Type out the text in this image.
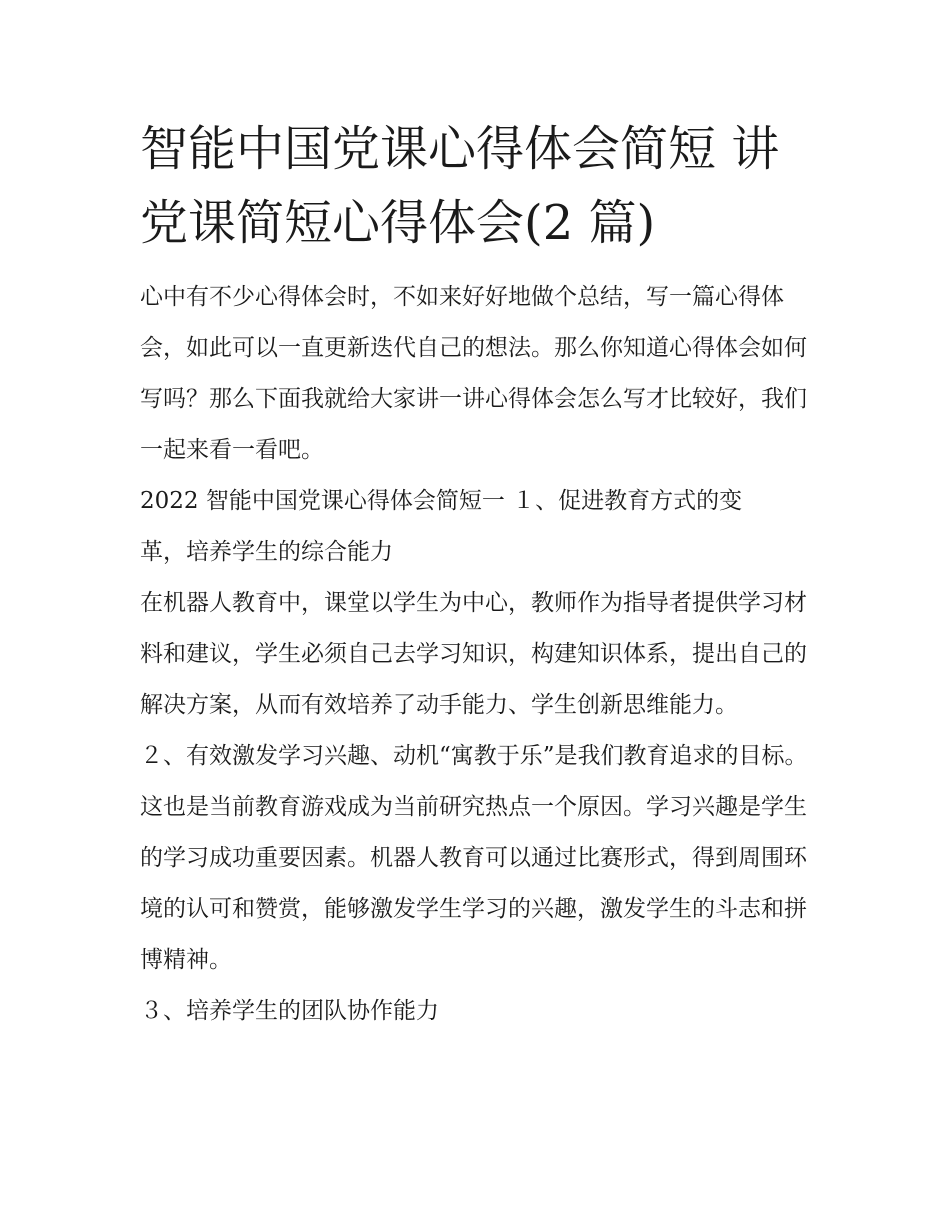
智能中国党课心得体会简短 讲党课简短心得体会(2 篇)

心中有不少心得体会时，不如来好好地做个总结，写一篇心得体会，如此可以一直更新迭代自己的想法。那么你知道心得体会如何写吗？那么下面我就给大家讲一讲心得体会怎么写才比较好，我们一起来看一看吧。

2022 智能中国党课心得体会简短一 １、促进教育方式的变革，培养学生的综合能力

在机器人教育中，课堂以学生为中心，教师作为指导者提供学习材料和建议，学生必须自己去学习知识，构建知识体系，提出自己的解决方案，从而有效培养了动手能力、学生创新思维能力。

２、有效激发学习兴趣、动机“寓教于乐”是我们教育追求的目标。这也是当前教育游戏成为当前研究热点一个原因。学习兴趣是学生的学习成功重要因素。机器人教育可以通过比赛形式，得到周围环境的认可和赞赏，能够激发学生学习的兴趣，激发学生的斗志和拼博精神。

３、培养学生的团队协作能力
